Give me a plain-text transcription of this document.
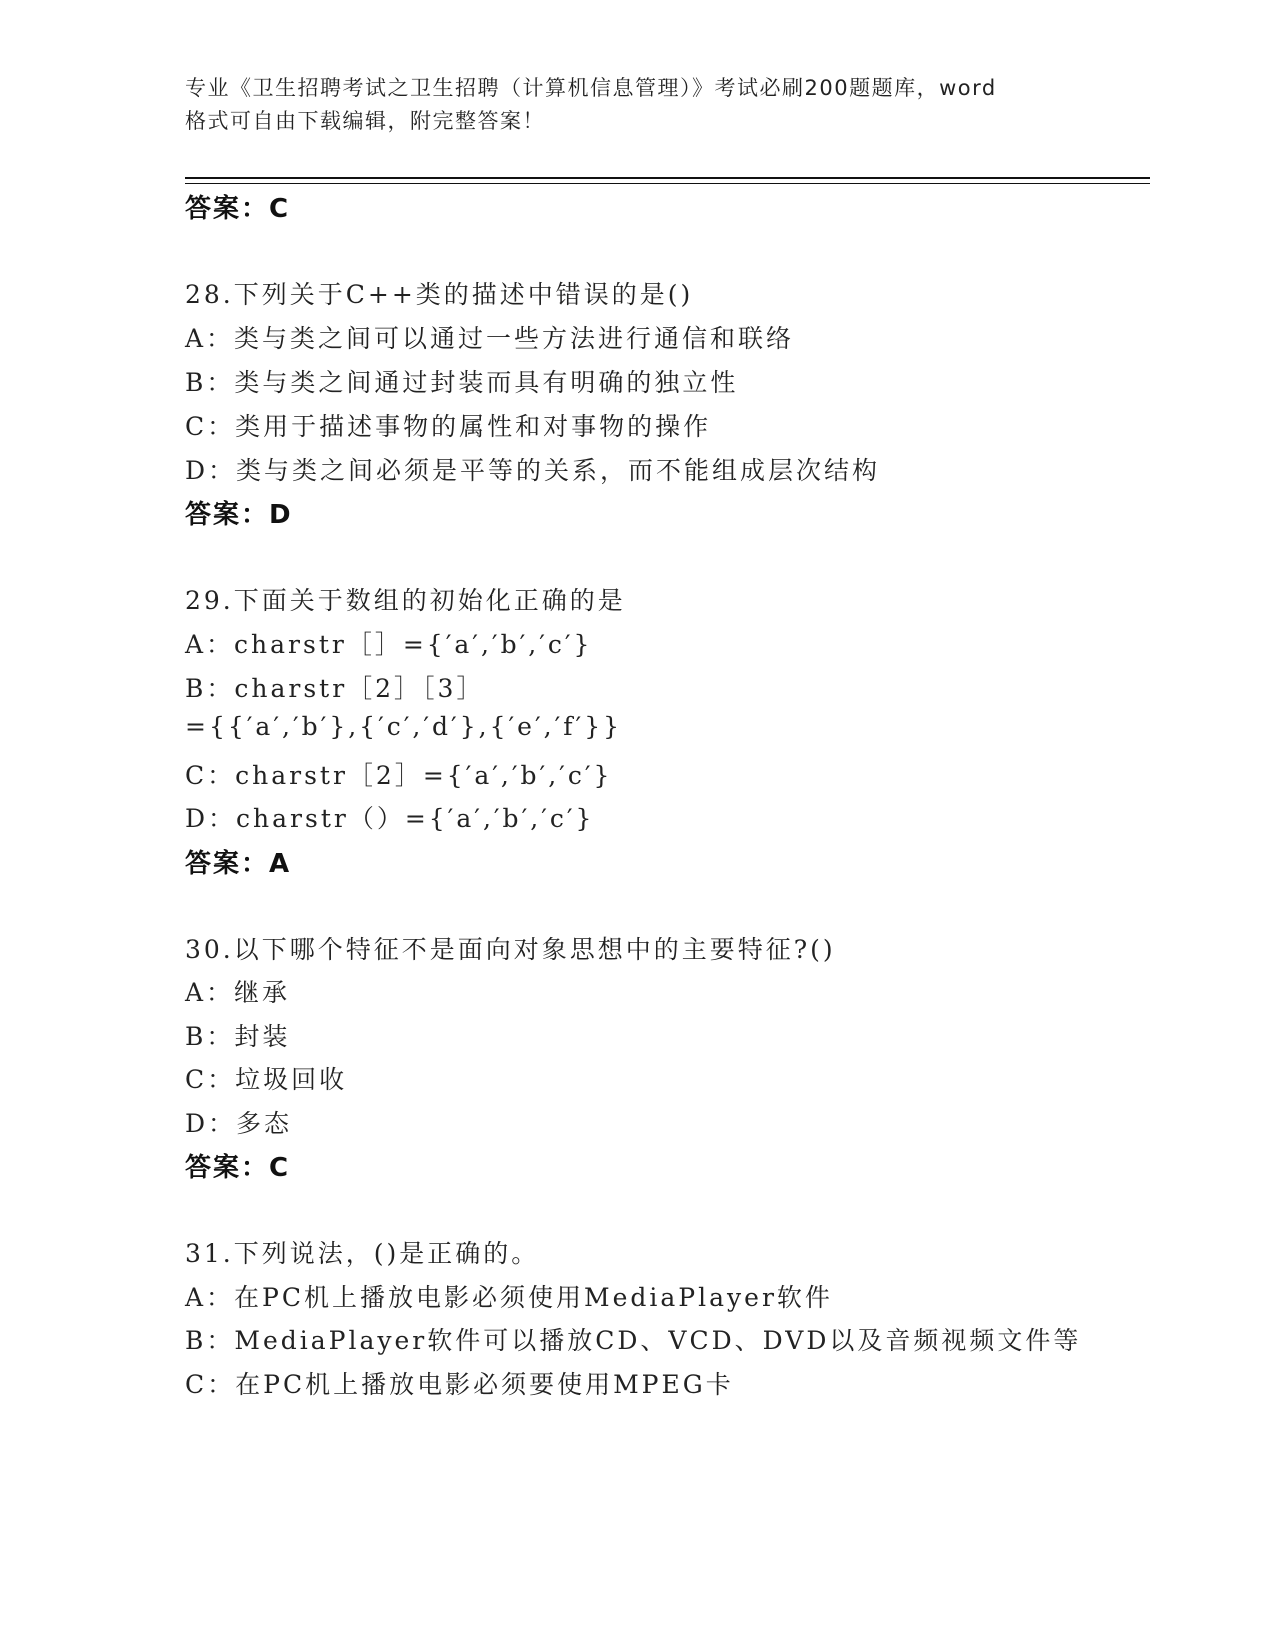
专业《卫生招聘考试之卫生招聘（计算机信息管理）》考试必刷200题题库，word
格式可自由下载编辑，附完整答案！
答案：C
28.下列关于C++类的描述中错误的是()
A：类与类之间可以通过一些方法进行通信和联络
B：类与类之间通过封装而具有明确的独立性
C：类用于描述事物的属性和对事物的操作
D：类与类之间必须是平等的关系，而不能组成层次结构
答案：D
29.下面关于数组的初始化正确的是
A：charstr［］={′a′,′b′,′c′}
B：charstr［2］［3］
={{′a′,′b′},{′c′,′d′},{′e′,′f′}}
C：charstr［2］={′a′,′b′,′c′}
D：charstr（）={′a′,′b′,′c′}
答案：A
30.以下哪个特征不是面向对象思想中的主要特征?()
A：继承
B：封装
C：垃圾回收
D：多态
答案：C
31.下列说法，()是正确的。
A：在PC机上播放电影必须使用MediaPlayer软件
B：MediaPlayer软件可以播放CD、VCD、DVD以及音频视频文件等
C：在PC机上播放电影必须要使用MPEG卡
